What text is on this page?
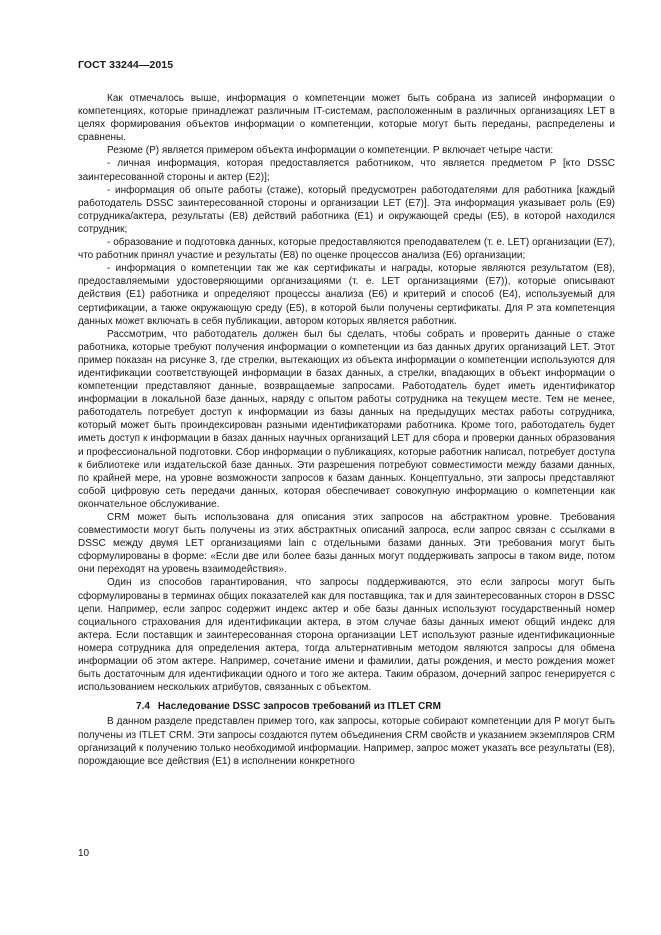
ГОСТ 33244—2015

Как отмечалось выше, информация о компетенции может быть собрана из записей информации о компетенциях, которые принадлежат различным IT-системам, расположенным в различных организациях LET в целях формирования объектов информации о компетенции, которые могут быть переданы, распределены и сравнены.

Резюме (P) является примером объекта информации о компетенции. P включает четыре части:

- личная информация, которая предоставляется работником, что является предметом P [кто DSSC заинтересованной стороны и актер (E2)];

- информация об опыте работы (стаже), который предусмотрен работодателями для работника [каждый работодатель DSSC заинтересованной стороны и организации LET (E7)]. Эта информация указывает роль (E9) сотрудника/актера, результаты (E8) действий работника (E1) и окружающей среды (E5), в которой находился сотрудник;

- образование и подготовка данных, которые предоставляются преподавателем (т. е. LET) организации (E7), что работник принял участие и результаты (E8) по оценке процессов анализа (E6) организации;

- информация о компетенции так же как сертификаты и награды, которые являются результатом (E8), предоставляемыми удостоверяющими организациями (т. е. LET организациями (E7)), которые описывают действия (E1) работника и определяют процессы анализа (E6) и критерий и способ (E4), используемый для сертификации, а также окружающую среду (E5), в которой были получены сертификаты. Для P эта компетенция данных может включать в себя публикации, автором которых является работник.

Рассмотрим, что работодатель должен был бы сделать, чтобы собрать и проверить данные о стаже работника, которые требуют получения информации о компетенции из баз данных других организаций LET. Этот пример показан на рисунке 3, где стрелки, вытекающих из объекта информации о компетенции используются для идентификации соответствующей информации в базах данных, а стрелки, впадающих в объект информации о компетенции представляют данные, возвращаемые запросами. Работодатель будет иметь идентификатор информации в локальной базе данных, наряду с опытом работы сотрудника на текущем месте. Тем не менее, работодатель потребует доступ к информации из базы данных на предыдущих местах работы сотрудника, который может быть проиндексирован разными идентификаторами работника. Кроме того, работодатель будет иметь доступ к информации в базах данных научных организаций LET для сбора и проверки данных образования и профессиональной подготовки. Сбор информации о публикациях, которые работник написал, потребует доступа к библиотеке или издательской базе данных. Эти разрешения потребуют совместимости между базами данных, по крайней мере, на уровне возможности запросов к базам данных. Концептуально, эти запросы представляют собой цифровую сеть передачи данных, которая обеспечивает совокупную информацию о компетенции как окончательное обслуживание.

CRM может быть использована для описания этих запросов на абстрактном уровне. Требования совместимости могут быть получены из этих абстрактных описаний запроса, если запрос связан с ссылками в DSSC между двумя LET организациями lain с отдельными базами данных. Эти требования могут быть сформулированы в форме: «Если две или более базы данных могут поддерживать запросы в таком виде, потом они переходят на уровень взаимодействия».

Один из способов гарантирования, что запросы поддерживаются, это если запросы могут быть сформулированы в терминах общих показателей как для поставщика, так и для заинтересованных сторон в DSSC цепи. Например, если запрос содержит индекс актер и обе базы данных используют государственный номер социального страхования для идентификации актера, в этом случае базы данных имеют общий индекс для актера. Если поставщик и заинтересованная сторона организации LET используют разные идентификационные номера сотрудника для определения актера, тогда альтернативным методом являются запросы для обмена информации об этом актере. Например, сочетание имени и фамилии, даты рождения, и место рождения может быть достаточным для идентификации одного и того же актера. Таким образом, дочерний запрос генерируется с использованием нескольких атрибутов, связанных с объектом.

7.4 Наследование DSSC запросов требований из ITLET CRM

В данном разделе представлен пример того, как запросы, которые собирают компетенции для P могут быть получены из ITLET CRM. Эти запросы создаются путем объединения CRM свойств и указанием экземпляров CRM организаций к получению только необходимой информации. Например, запрос может указать все результаты (E8), порождающие все действия (E1) в исполнении конкретного

10
